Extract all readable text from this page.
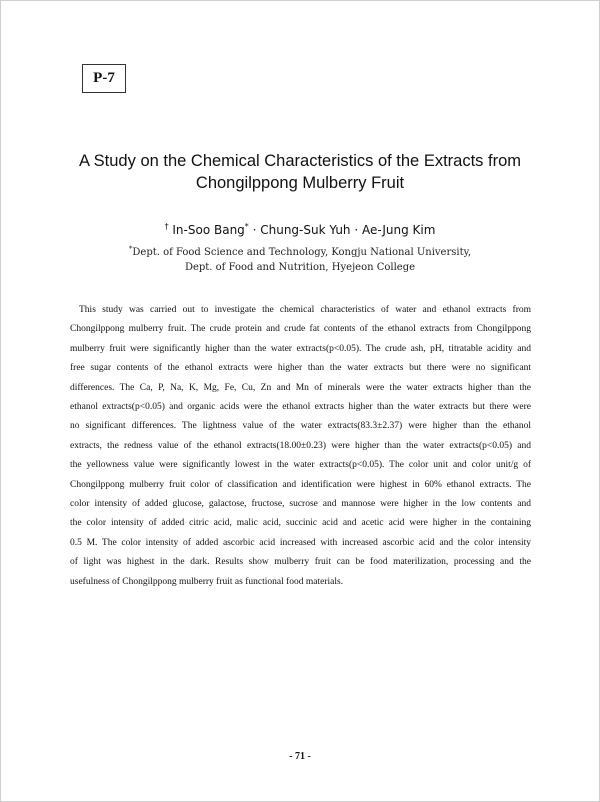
P-7
A Study on the Chemical Characteristics of the Extracts from
Chongilppong Mulberry Fruit
† In-Soo Bang* · Chung-Suk Yuh · Ae-Jung Kim
*Dept. of Food Science and Technology, Kongju National University,
Dept. of Food and Nutrition, Hyejeon College
This study was carried out to investigate the chemical characteristics of water and ethanol extracts from
Chongilppong mulberry fruit. The crude protein and crude fat contents of the ethanol extracts from Chongilppong
mulberry fruit were significantly higher than the water extracts(p<0.05). The crude ash, pH, titratable acidity and
free sugar contents of the ethanol extracts were higher than the water extracts but there were no significant
differences. The Ca, P, Na, K, Mg, Fe, Cu, Zn and Mn of minerals were the water extracts higher than the
ethanol extracts(p<0.05) and organic acids were the ethanol extracts higher than the water extracts but there were
no significant differences. The lightness value of the water extracts(83.3±2.37) were higher than the ethanol
extracts, the redness value of the ethanol extracts(18.00±0.23) were higher than the water extracts(p<0.05) and
the yellowness value were significantly lowest in the water extracts(p<0.05). The color unit and color unit/g of
Chongilppong mulberry fruit color of classification and identification were highest in 60% ethanol extracts. The
color intensity of added glucose, galactose, fructose, sucrose and mannose were higher in the low contents and
the color intensity of added citric acid, malic acid, succinic acid and acetic acid were higher in the containing
0.5 M. The color intensity of added ascorbic acid increased with increased ascorbic acid and the color intensity
of light was highest in the dark. Results show mulberry fruit can be food materilization, processing and the
usefulness of Chongilppong mulberry fruit as functional food materials.
- 71 -
